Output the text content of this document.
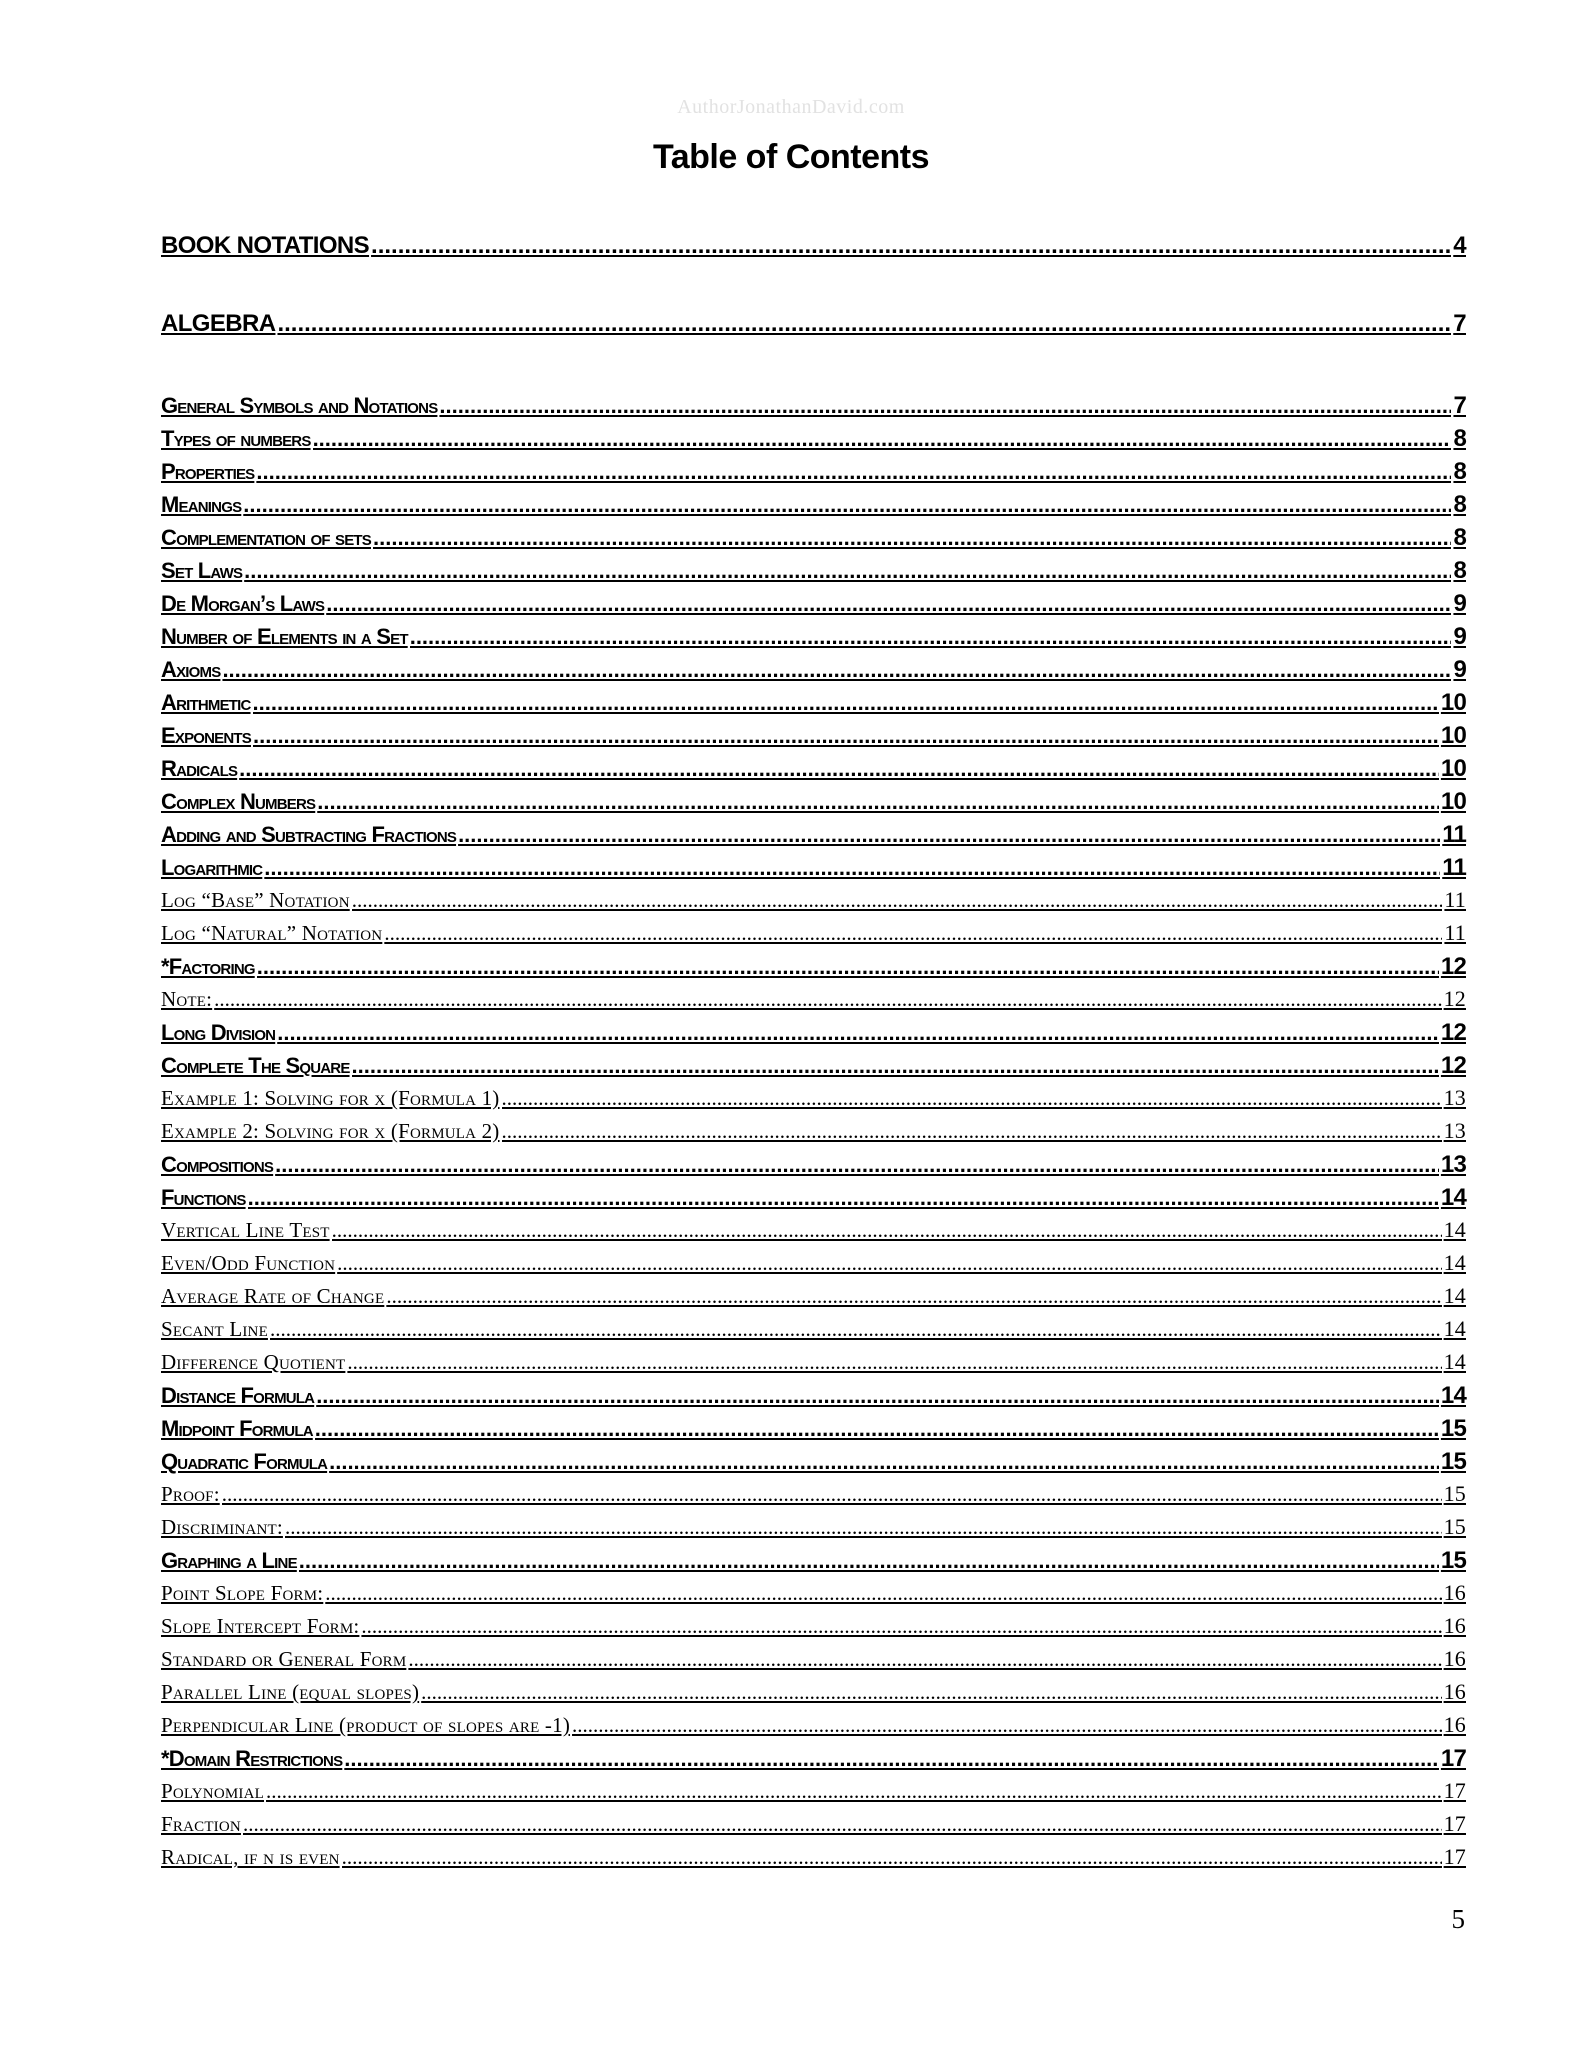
AuthorJonathanDavid.com
Table of Contents
BOOK NOTATIONS .....	4
ALGEBRA .....	7
General Symbols and Notations .....	7
Types of numbers .....	8
Properties .....	8
Meanings .....	8
Complementation of sets .....	8
Set Laws .....	8
De Morgan’s Laws .....	9
Number of Elements in a Set .....	9
Axioms .....	9
Arithmetic .....	10
Exponents .....	10
Radicals .....	10
Complex Numbers .....	10
Adding and Subtracting Fractions .....	11
Logarithmic .....	11
Log “Base” Notation .....	11
Log “Natural” Notation .....	11
*Factoring .....	12
Note: .....	12
Long Division .....	12
Complete The Square .....	12
Example 1: Solving for x (Formula 1) .....	13
Example 2: Solving for x (Formula 2) .....	13
Compositions .....	13
Functions .....	14
Vertical Line Test .....	14
Even/Odd Function .....	14
Average Rate of Change .....	14
Secant Line .....	14
Difference Quotient .....	14
Distance Formula .....	14
Midpoint Formula .....	15
Quadratic Formula .....	15
Proof: .....	15
Discriminant: .....	15
Graphing a Line .....	15
Point Slope Form: .....	16
Slope Intercept Form: .....	16
Standard or General Form .....	16
Parallel Line (equal slopes) .....	16
Perpendicular Line (product of slopes are -1) .....	16
*Domain Restrictions .....	17
Polynomial .....	17
Fraction .....	17
Radical, if n is even .....	17
5
